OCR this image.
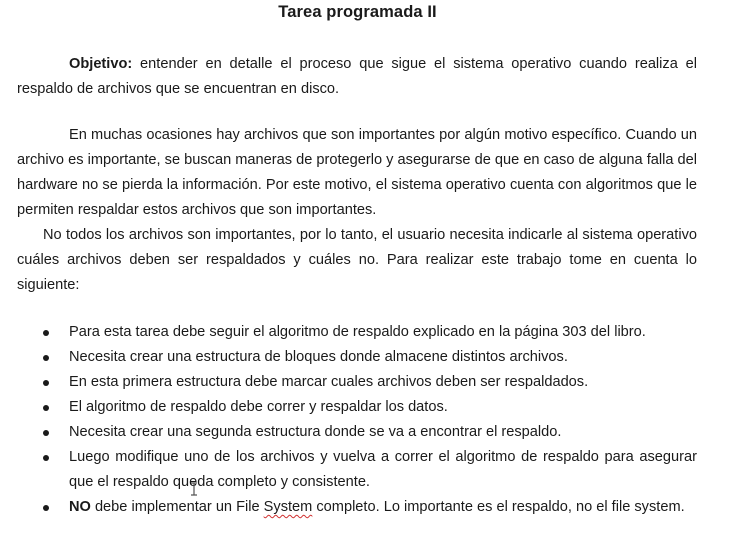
Tarea programada II
Objetivo: entender en detalle el proceso que sigue el sistema operativo cuando realiza el respaldo de archivos que se encuentran en disco.
En muchas ocasiones hay archivos que son importantes por algún motivo específico. Cuando un archivo es importante, se buscan maneras de protegerlo y asegurarse de que en caso de alguna falla del hardware no se pierda la información. Por este motivo, el sistema operativo cuenta con algoritmos que le permiten respaldar estos archivos que son importantes.
No todos los archivos son importantes, por lo tanto, el usuario necesita indicarle al sistema operativo cuáles archivos deben ser respaldados y cuáles no. Para realizar este trabajo tome en cuenta lo siguiente:
Para esta tarea debe seguir el algoritmo de respaldo explicado en la página 303 del libro.
Necesita crear una estructura de bloques donde almacene distintos archivos.
En esta primera estructura debe marcar cuales archivos deben ser respaldados.
El algoritmo de respaldo debe correr y respaldar los datos.
Necesita crear una segunda estructura donde se va a encontrar el respaldo.
Luego modifique uno de los archivos y vuelva a correr el algoritmo de respaldo para asegurar que el respaldo queda completo y consistente.
NO debe implementar un File System completo. Lo importante es el respaldo, no el file system.
